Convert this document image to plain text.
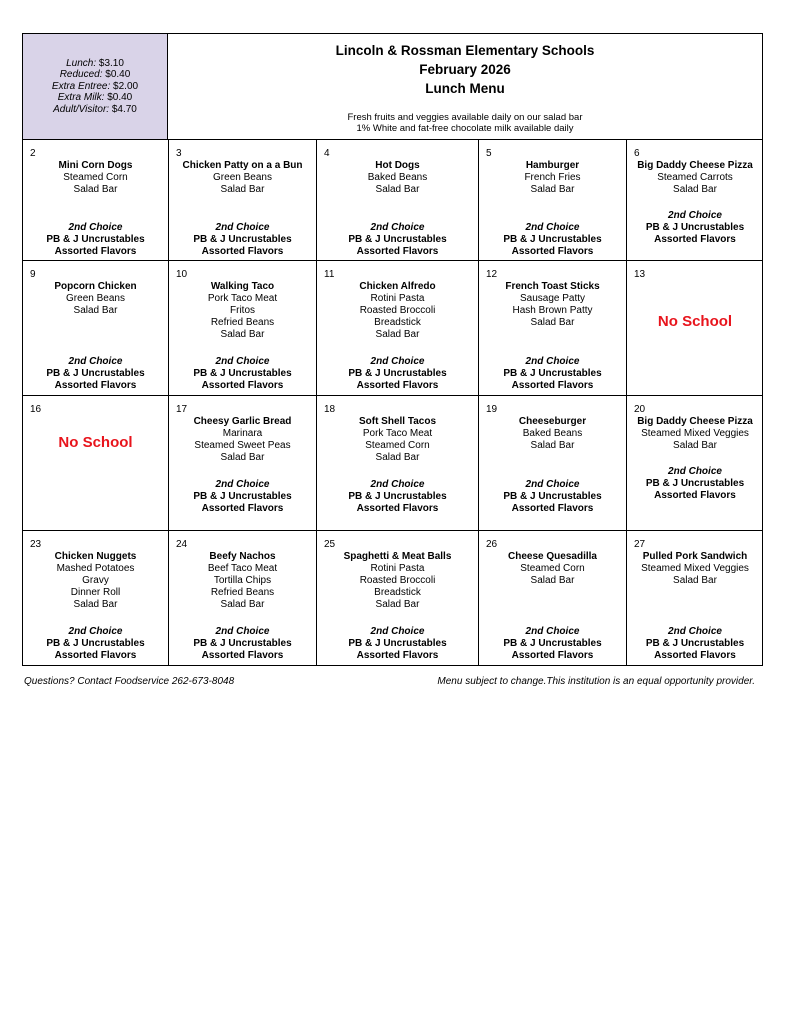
Lunch: $3.10
Reduced: $0.40
Extra Entree: $2.00
Extra Milk: $0.40
Adult/Visitor: $4.70
Lincoln & Rossman Elementary Schools
February 2026
Lunch Menu
Fresh fruits and veggies available daily on our salad bar
1% White and fat-free chocolate milk available daily
2
Mini Corn Dogs
Steamed Corn
Salad Bar
2nd Choice
PB & J Uncrustables
Assorted Flavors
3
Chicken Patty on a a Bun
Green Beans
Salad Bar
2nd Choice
PB & J Uncrustables
Assorted Flavors
4
Hot Dogs
Baked Beans
Salad Bar
2nd Choice
PB & J Uncrustables
Assorted Flavors
5
Hamburger
French Fries
Salad Bar
2nd Choice
PB & J Uncrustables
Assorted Flavors
6
Big Daddy Cheese Pizza
Steamed Carrots
Salad Bar
2nd Choice
PB & J Uncrustables
Assorted Flavors
9
Popcorn Chicken
Green Beans
Salad Bar
2nd Choice
PB & J Uncrustables
Assorted Flavors
10
Walking Taco
Pork Taco Meat
Fritos
Refried Beans
Salad Bar
2nd Choice
PB & J Uncrustables
Assorted Flavors
11
Chicken Alfredo
Rotini Pasta
Roasted Broccoli
Breadstick
Salad Bar
2nd Choice
PB & J Uncrustables
Assorted Flavors
12
French Toast Sticks
Sausage Patty
Hash Brown Patty
Salad Bar
2nd Choice
PB & J Uncrustables
Assorted Flavors
13
No School
16
No School
17
Cheesy Garlic Bread
Marinara
Steamed Sweet Peas
Salad Bar
2nd Choice
PB & J Uncrustables
Assorted Flavors
18
Soft Shell Tacos
Pork Taco Meat
Steamed Corn
Salad Bar
2nd Choice
PB & J Uncrustables
Assorted Flavors
19
Cheeseburger
Baked Beans
Salad Bar
2nd Choice
PB & J Uncrustables
Assorted Flavors
20
Big Daddy Cheese Pizza
Steamed Mixed Veggies
Salad Bar
2nd Choice
PB & J Uncrustables
Assorted Flavors
23
Chicken Nuggets
Mashed Potatoes
Gravy
Dinner Roll
Salad Bar
2nd Choice
PB & J Uncrustables
Assorted Flavors
24
Beefy Nachos
Beef Taco Meat
Tortilla Chips
Refried Beans
Salad Bar
2nd Choice
PB & J Uncrustables
Assorted Flavors
25
Spaghetti & Meat Balls
Rotini Pasta
Roasted Broccoli
Breadstick
Salad Bar
2nd Choice
PB & J Uncrustables
Assorted Flavors
26
Cheese Quesadilla
Steamed Corn
Salad Bar
2nd Choice
PB & J Uncrustables
Assorted Flavors
27
Pulled Pork Sandwich
Steamed Mixed Veggies
Salad Bar
2nd Choice
PB & J Uncrustables
Assorted Flavors
Questions? Contact Foodservice 262-673-8048	Menu subject to change.This institution is an equal opportunity provider.
